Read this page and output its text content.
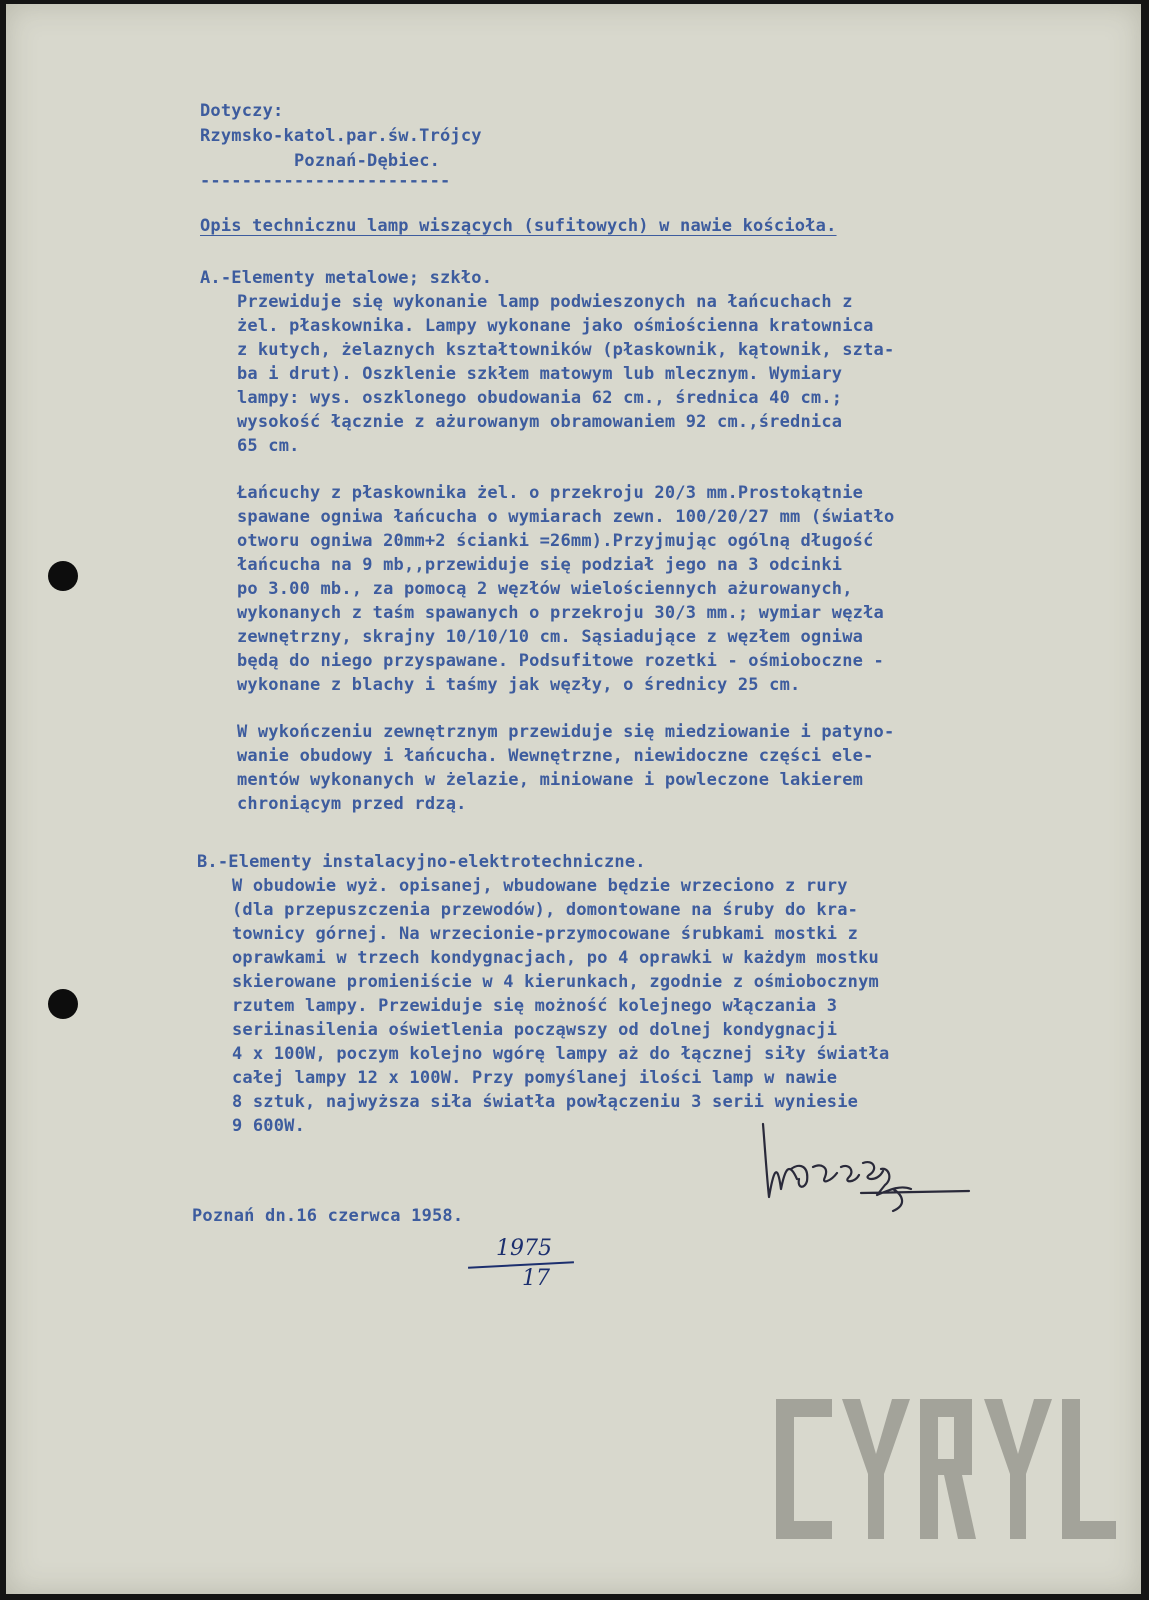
Dotyczy:
Rzymsko-katol.par.św.Trójcy
Poznań-Dębiec.
------------------------
Opis technicznu lamp wiszących (sufitowych) w nawie kościoła.
A.-Elementy metalowe; szkło.
Przewiduje się wykonanie lamp podwieszonych na łańcuchach z
żel. płaskownika. Lampy wykonane jako ośmiościenna kratownica
z kutych, żelaznych kształtowników (płaskownik, kątownik, szta-
ba i drut). Oszklenie szkłem matowym lub mlecznym. Wymiary
lampy: wys. oszklonego obudowania 62 cm., średnica 40 cm.;
wysokość łącznie z ażurowanym obramowaniem 92 cm.,średnica
65 cm.
Łańcuchy z płaskownika żel. o przekroju 20/3 mm.Prostokątnie
spawane ogniwa łańcucha o wymiarach zewn. 100/20/27 mm (światło
otworu ogniwa 20mm+2 ścianki =26mm).Przyjmując ogólną długość
łańcucha na 9 mb,,przewiduje się podział jego na 3 odcinki
po 3.00 mb., za pomocą 2 węzłów wielościennych ażurowanych,
wykonanych z taśm spawanych o przekroju 30/3 mm.; wymiar węzła
zewnętrzny, skrajny 10/10/10 cm. Sąsiadujące z węzłem ogniwa
będą do niego przyspawane. Podsufitowe rozetki - ośmioboczne -
wykonane z blachy i taśmy jak węzły, o średnicy 25 cm.
W wykończeniu zewnętrznym przewiduje się miedziowanie i patyno-
wanie obudowy i łańcucha. Wewnętrzne, niewidoczne części ele-
mentów wykonanych w żelazie, miniowane i powleczone lakierem
chroniącym przed rdzą.
B.-Elementy instalacyjno-elektrotechniczne.
W obudowie wyż. opisanej, wbudowane będzie wrzeciono z rury
(dla przepuszczenia przewodów), domontowane na śruby do kra-
townicy górnej. Na wrzecionie-przymocowane śrubkami mostki z
oprawkami w trzech kondygnacjach, po 4 oprawki w każdym mostku
skierowane promieniście w 4 kierunkach, zgodnie z ośmiobocznym
rzutem lampy. Przewiduje się możność kolejnego włączania 3
seriinasilenia oświetlenia począwszy od dolnej kondygnacji
4 x 100W, poczym kolejno wgórę lampy aż do łącznej siły światła
całej lampy 12 x 100W. Przy pomyślanej ilości lamp w nawie
8 sztuk, najwyższa siła światła powłączeniu 3 serii wyniesie
9 600W.
Poznań dn.16 czerwca 1958.
1975
17
